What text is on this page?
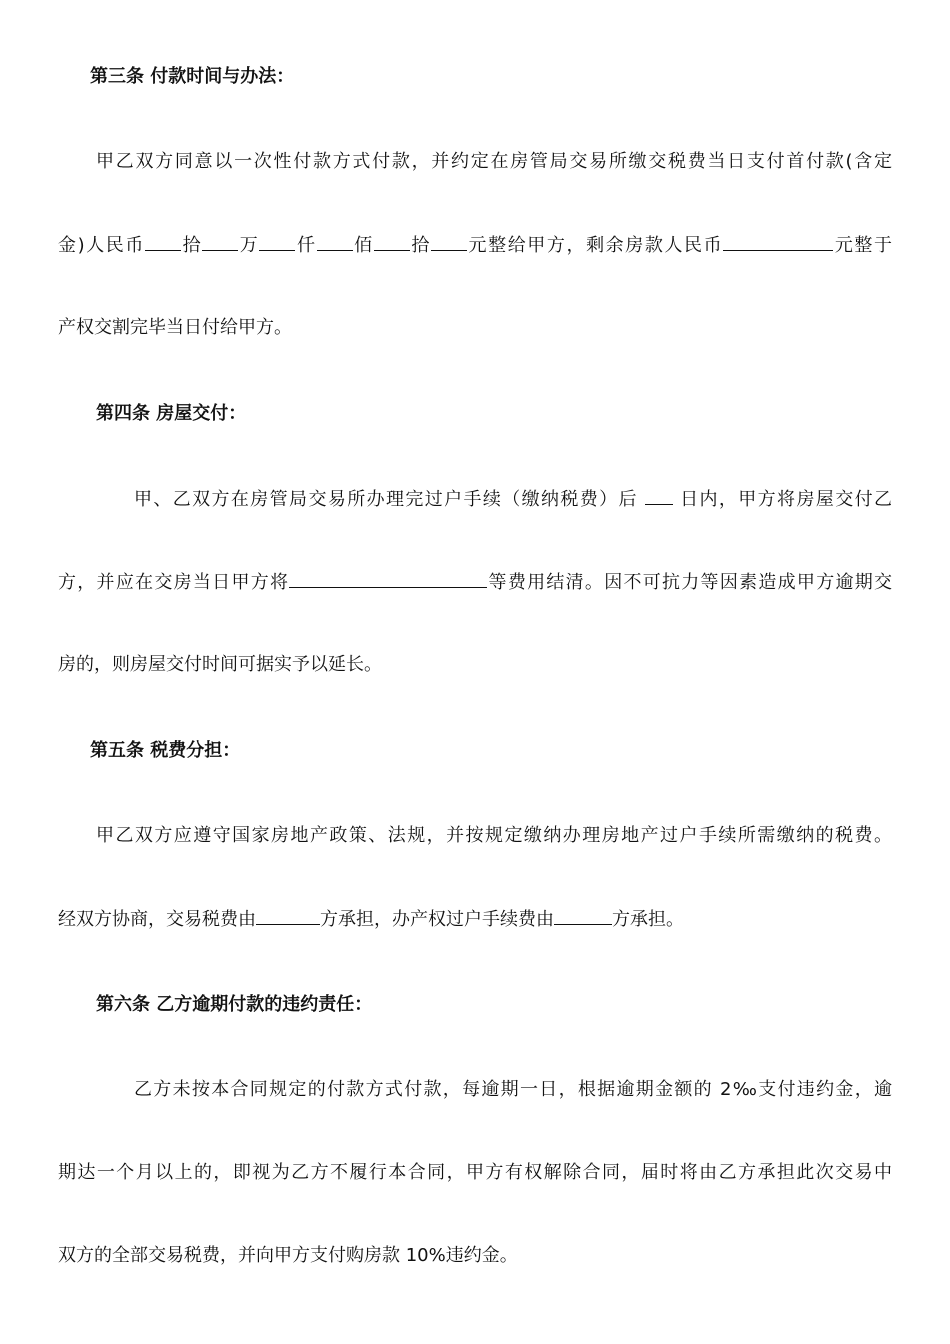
第三条 付款时间与办法：
甲乙双方同意以一次性付款方式付款，并约定在房管局交易所缴交税费当日支付首付款(含定
金)人民币 拾 万 仟 佰 拾 元整给甲方，剩余房款人民币	元整于
产权交割完毕当日付给甲方。
第四条 房屋交付：
甲、乙双方在房管局交易所办理完过户手续（缴纳税费）后  日内，甲方将房屋交付乙
方，并应在交房当日甲方将	等费用结清。因不可抗力等因素造成甲方逾期交
房的，则房屋交付时间可据实予以延长。
第五条 税费分担：
甲乙双方应遵守国家房地产政策、法规，并按规定缴纳办理房地产过户手续所需缴纳的税费。
经双方协商，交易税费由	方承担，办产权过户手续费由	方承担。
第六条 乙方逾期付款的违约责任：
乙方未按本合同规定的付款方式付款，每逾期一日，根据逾期金额的 2‰支付违约金，逾
期达一个月以上的，即视为乙方不履行本合同，甲方有权解除合同，届时将由乙方承担此次交易中
双方的全部交易税费，并向甲方支付购房款 10%违约金。
